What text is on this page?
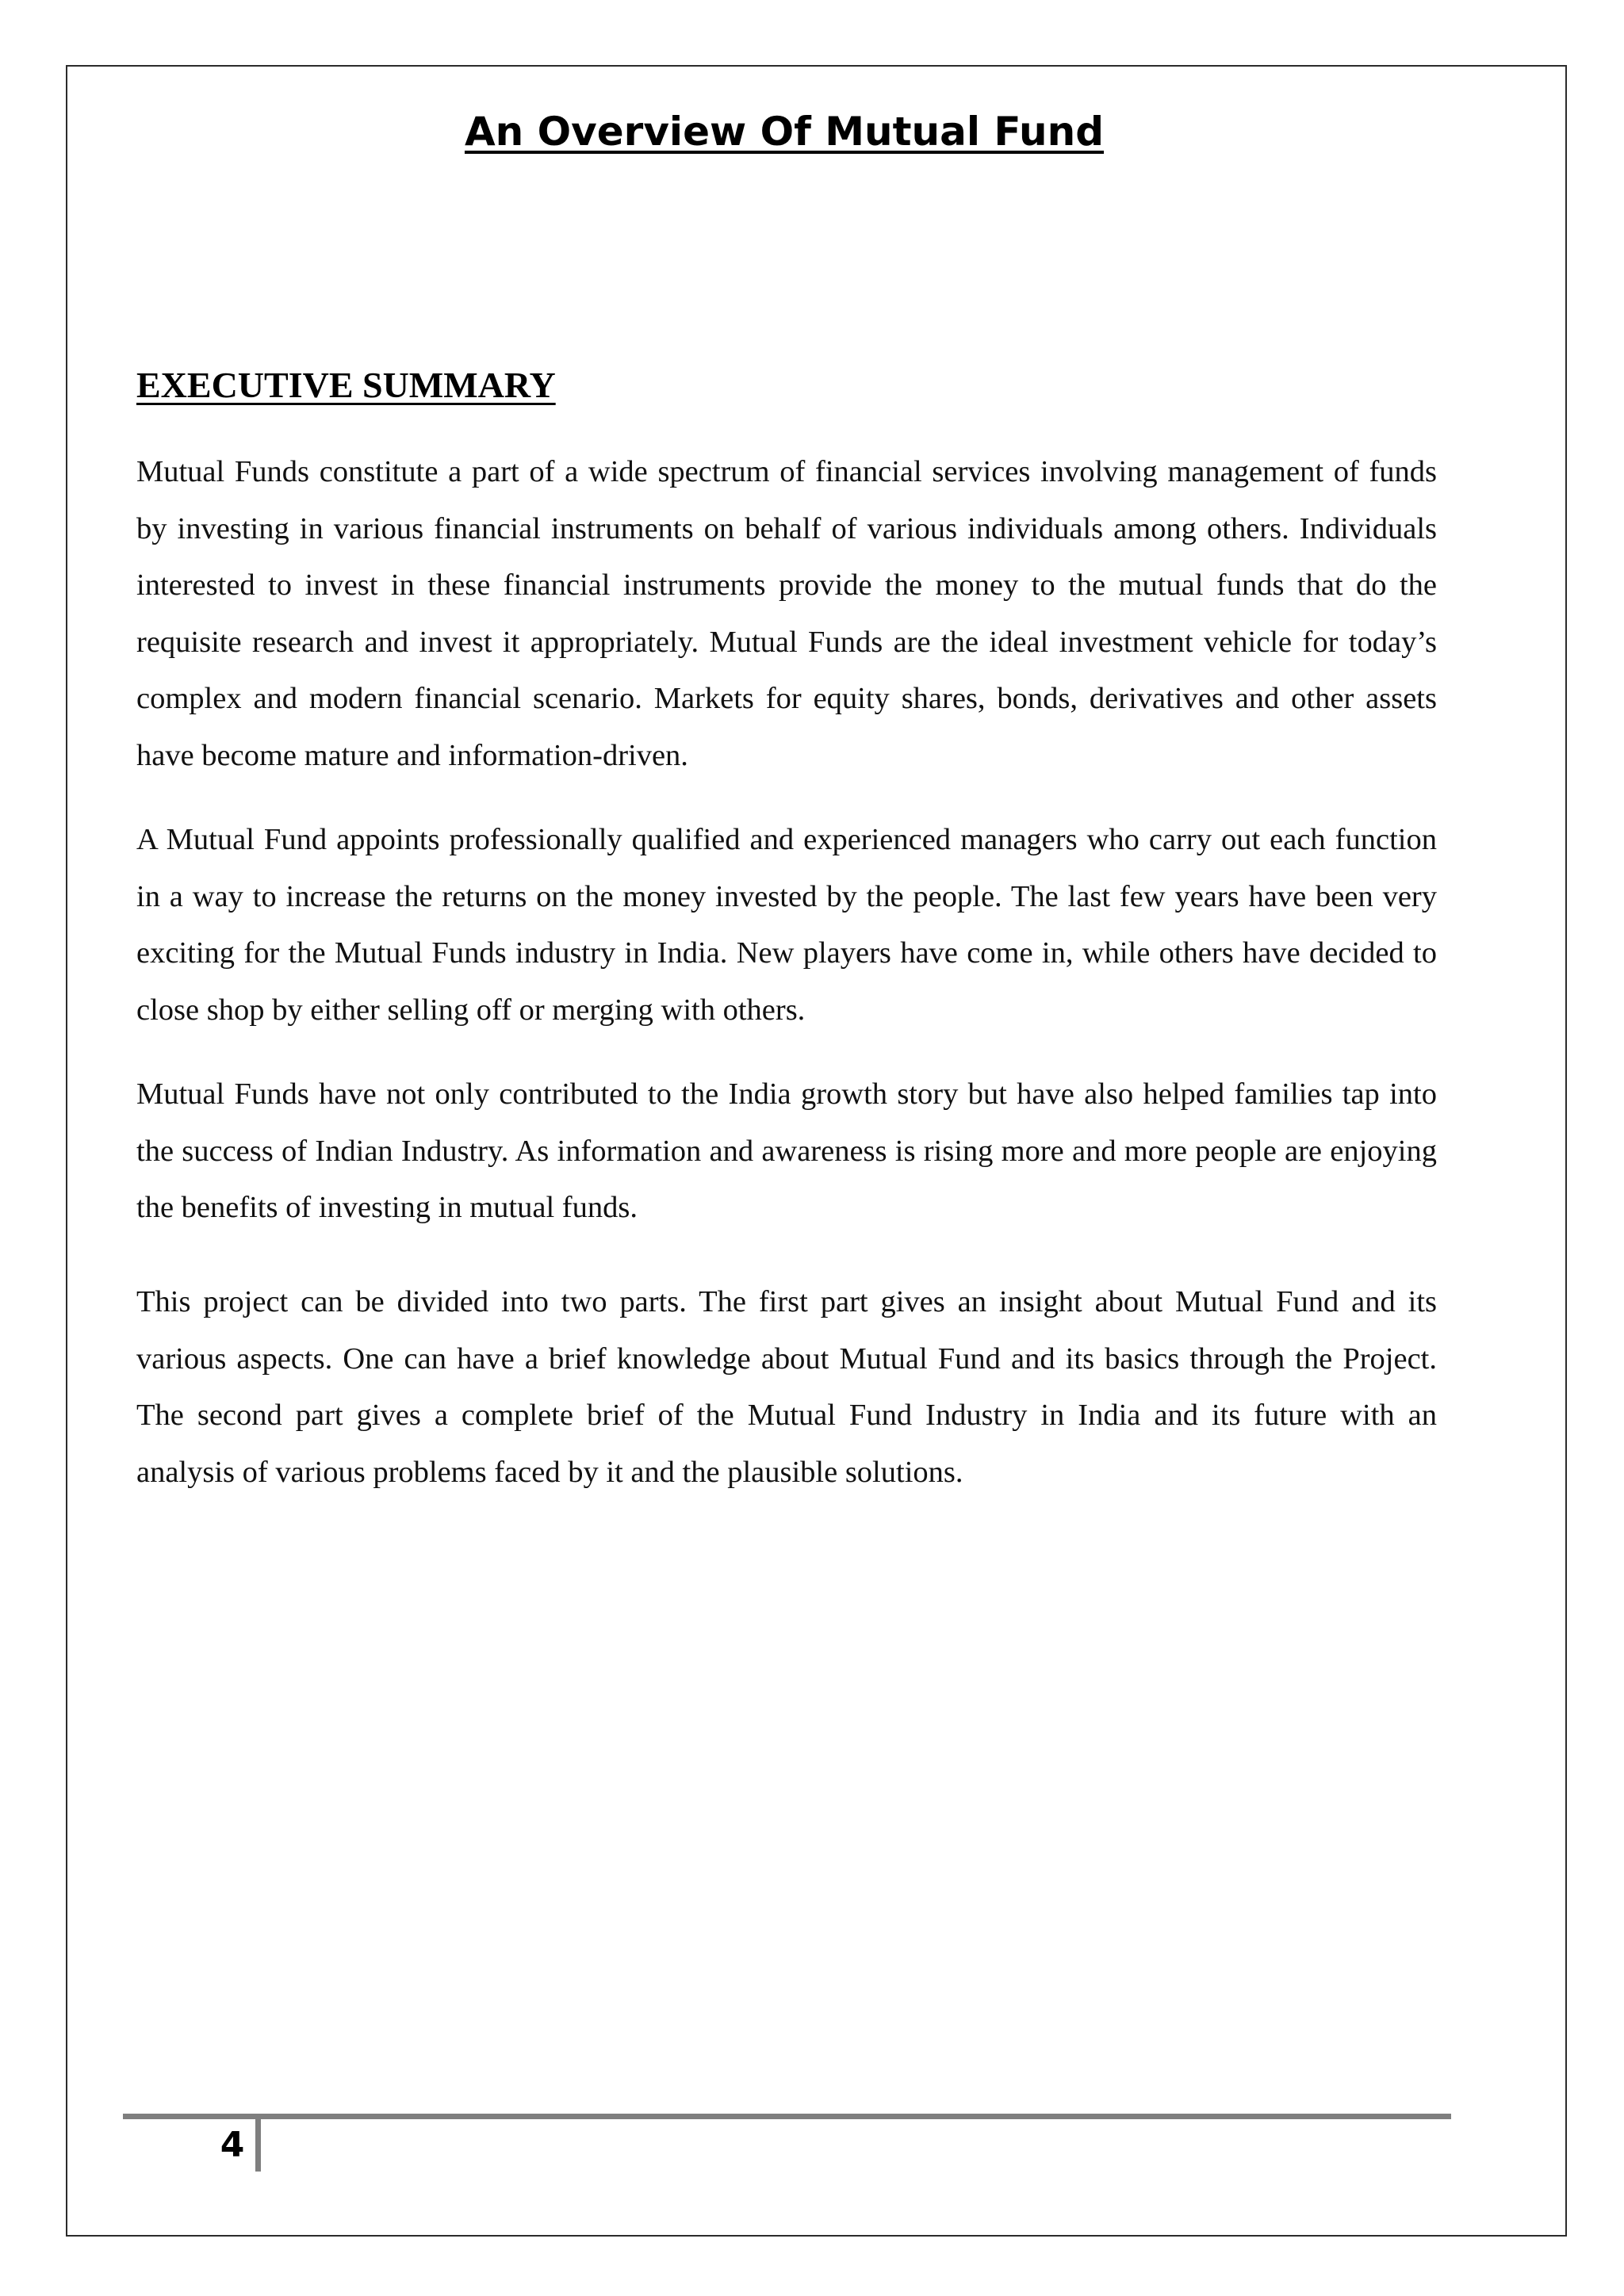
An Overview Of Mutual Fund
EXECUTIVE SUMMARY

Mutual Funds constitute a part of a wide spectrum of financial services involving management of funds by investing in various financial instruments on behalf of various individuals among others. Individuals interested to invest in these financial instruments provide the money to the mutual funds that do the requisite research and invest it appropriately. Mutual Funds are the ideal investment vehicle for today’s complex and modern financial scenario. Markets for equity shares, bonds, derivatives and other assets have become mature and information-driven.

A Mutual Fund appoints professionally qualified and experienced managers who carry out each function in a way to increase the returns on the money invested by the people. The last few years have been very exciting for the Mutual Funds industry in India. New players have come in, while others have decided to close shop by either selling off or merging with others.

Mutual Funds have not only contributed to the India growth story but have also helped families tap into the success of Indian Industry. As information and awareness is rising more and more people are enjoying the benefits of investing in mutual funds.

This project can be divided into two parts. The first part gives an insight about Mutual Fund and its various aspects. One can have a brief knowledge about Mutual Fund and its basics through the Project. The second part gives a complete brief of the Mutual Fund Industry in India and its future with an analysis of various problems faced by it and the plausible solutions.

4
